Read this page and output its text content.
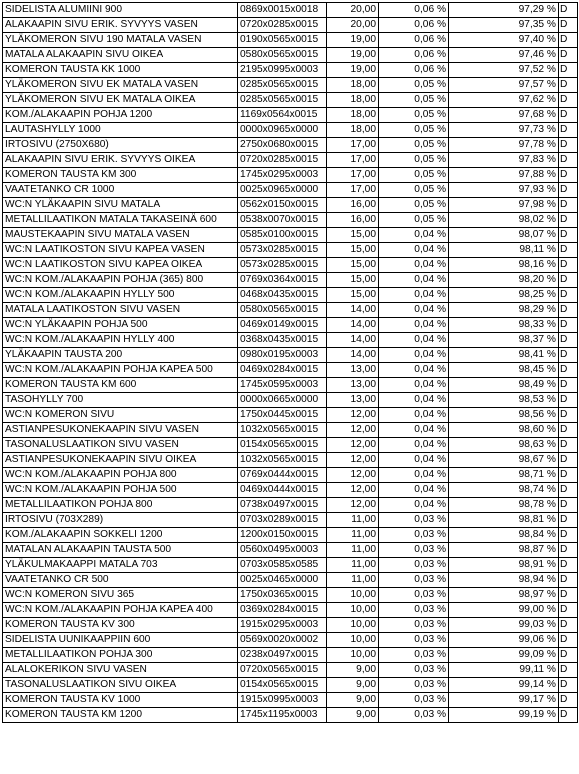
SIDELISTA ALUMIINI 900	0869x0015x0018	20,00	0,06 %	97,29 %	D
ALAKAAPIN SIVU ERIK. SYVYYS VASEN	0720x0285x0015	20,00	0,06 %	97,35 %	D
YLÄKOMERON SIVU 190 MATALA VASEN	0190x0565x0015	19,00	0,06 %	97,40 %	D
MATALA ALAKAAPIN SIVU OIKEA	0580x0565x0015	19,00	0,06 %	97,46 %	D
KOMERON TAUSTA KK 1000	2195x0995x0003	19,00	0,06 %	97,52 %	D
YLÄKOMERON SIVU EK MATALA VASEN	0285x0565x0015	18,00	0,05 %	97,57 %	D
YLÄKOMERON SIVU EK MATALA OIKEA	0285x0565x0015	18,00	0,05 %	97,62 %	D
KOM./ALAKAAPIN POHJA 1200	1169x0564x0015	18,00	0,05 %	97,68 %	D
LAUTASHYLLY 1000	0000x0965x0000	18,00	0,05 %	97,73 %	D
IRTOSIVU (2750X680)	2750x0680x0015	17,00	0,05 %	97,78 %	D
ALAKAAPIN SIVU ERIK. SYVYYS OIKEA	0720x0285x0015	17,00	0,05 %	97,83 %	D
KOMERON TAUSTA KM 300	1745x0295x0003	17,00	0,05 %	97,88 %	D
VAATETANKO CR 1000	0025x0965x0000	17,00	0,05 %	97,93 %	D
WC:N YLÄKAAPIN SIVU MATALA	0562x0150x0015	16,00	0,05 %	97,98 %	D
METALLILAATIKON MATALA TAKASEINÄ 600	0538x0070x0015	16,00	0,05 %	98,02 %	D
MAUSTEKAAPIN SIVU MATALA VASEN	0585x0100x0015	15,00	0,04 %	98,07 %	D
WC:N LAATIKOSTON SIVU KAPEA VASEN	0573x0285x0015	15,00	0,04 %	98,11 %	D
WC:N LAATIKOSTON SIVU KAPEA OIKEA	0573x0285x0015	15,00	0,04 %	98,16 %	D
WC:N KOM./ALAKAAPIN POHJA (365) 800	0769x0364x0015	15,00	0,04 %	98,20 %	D
WC:N KOM./ALAKAAPIN HYLLY 500	0468x0435x0015	15,00	0,04 %	98,25 %	D
MATALA LAATIKOSTON SIVU VASEN	0580x0565x0015	14,00	0,04 %	98,29 %	D
WC:N YLÄKAAPIN POHJA 500	0469x0149x0015	14,00	0,04 %	98,33 %	D
WC:N KOM./ALAKAAPIN HYLLY 400	0368x0435x0015	14,00	0,04 %	98,37 %	D
YLÄKAAPIN TAUSTA 200	0980x0195x0003	14,00	0,04 %	98,41 %	D
WC:N KOM./ALAKAAPIN POHJA KAPEA 500	0469x0284x0015	13,00	0,04 %	98,45 %	D
KOMERON TAUSTA KM 600	1745x0595x0003	13,00	0,04 %	98,49 %	D
TASOHYLLY 700	0000x0665x0000	13,00	0,04 %	98,53 %	D
WC:N KOMERON SIVU	1750x0445x0015	12,00	0,04 %	98,56 %	D
ASTIANPESUKONEKAAPIN SIVU VASEN	1032x0565x0015	12,00	0,04 %	98,60 %	D
TASONALUSLAATIKON SIVU VASEN	0154x0565x0015	12,00	0,04 %	98,63 %	D
ASTIANPESUKONEKAAPIN SIVU OIKEA	1032x0565x0015	12,00	0,04 %	98,67 %	D
WC:N KOM./ALAKAAPIN POHJA 800	0769x0444x0015	12,00	0,04 %	98,71 %	D
WC:N KOM./ALAKAAPIN POHJA 500	0469x0444x0015	12,00	0,04 %	98,74 %	D
METALLILAATIKON POHJA 800	0738x0497x0015	12,00	0,04 %	98,78 %	D
IRTOSIVU (703X289)	0703x0289x0015	11,00	0,03 %	98,81 %	D
KOM./ALAKAAPIN SOKKELI 1200	1200x0150x0015	11,00	0,03 %	98,84 %	D
MATALAN ALAKAAPIN TAUSTA 500	0560x0495x0003	11,00	0,03 %	98,87 %	D
YLÄKULMAKAAPPI MATALA 703	0703x0585x0585	11,00	0,03 %	98,91 %	D
VAATETANKO CR 500	0025x0465x0000	11,00	0,03 %	98,94 %	D
WC:N KOMERON SIVU 365	1750x0365x0015	10,00	0,03 %	98,97 %	D
WC:N KOM./ALAKAAPIN POHJA KAPEA 400	0369x0284x0015	10,00	0,03 %	99,00 %	D
KOMERON TAUSTA KV 300	1915x0295x0003	10,00	0,03 %	99,03 %	D
SIDELISTA UUNIKAAPPIIN 600	0569x0020x0002	10,00	0,03 %	99,06 %	D
METALLILAATIKON POHJA 300	0238x0497x0015	10,00	0,03 %	99,09 %	D
ALALOKERIKON SIVU VASEN	0720x0565x0015	9,00	0,03 %	99,11 %	D
TASONALUSLAATIKON SIVU OIKEA	0154x0565x0015	9,00	0,03 %	99,14 %	D
KOMERON TAUSTA KV 1000	1915x0995x0003	9,00	0,03 %	99,17 %	D
KOMERON TAUSTA KM 1200	1745x1195x0003	9,00	0,03 %	99,19 %	D
